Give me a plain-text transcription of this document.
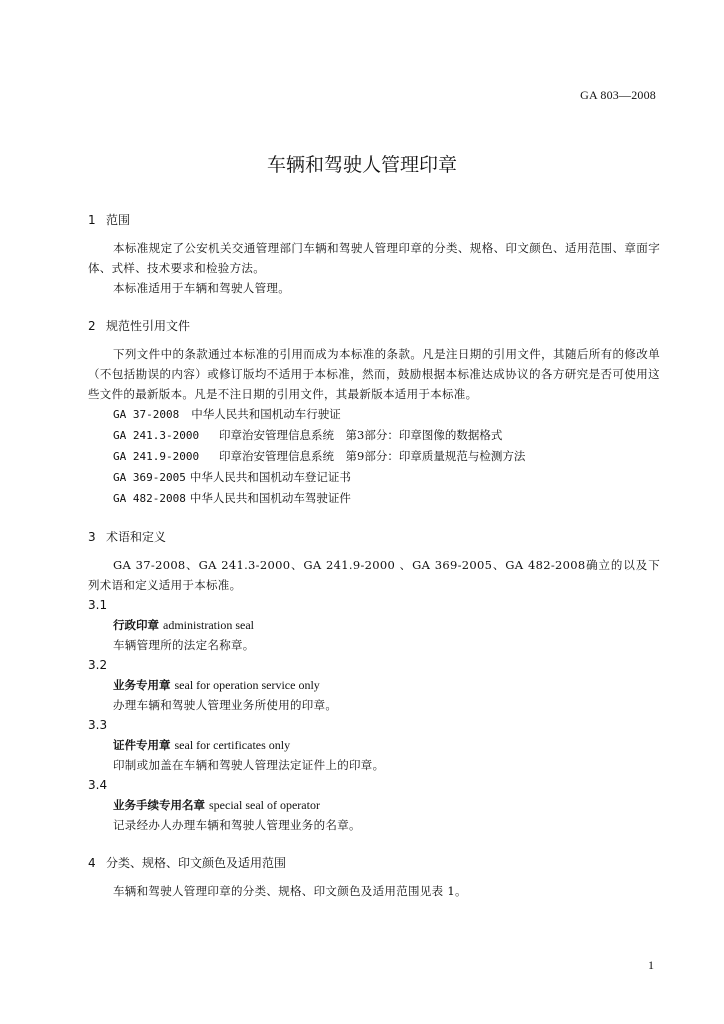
GA 803—2008
车辆和驾驶人管理印章
1 范围

本标准规定了公安机关交通管理部门车辆和驾驶人管理印章的分类、规格、印文颜色、适用范围、章面字体、式样、技术要求和检验方法。

本标准适用于车辆和驾驶人管理。

2 规范性引用文件

下列文件中的条款通过本标准的引用而成为本标准的条款。凡是注日期的引用文件，其随后所有的修改单（不包括勘误的内容）或修订版均不适用于本标准，然而，鼓励根据本标准达成协议的各方研究是否可使用这些文件的最新版本。凡是不注日期的引用文件，其最新版本适用于本标准。

GA 37-2008 中华人民共和国机动车行驶证
GA 241.3-2000 印章治安管理信息系统　第3部分：印章图像的数据格式
GA 241.9-2000 印章治安管理信息系统　第9部分：印章质量规范与检测方法
GA 369-2005 中华人民共和国机动车登记证书
GA 482-2008 中华人民共和国机动车驾驶证件
3 术语和定义

GA 37-2008、GA 241.3-2000、GA 241.9-2000 、GA 369-2005、GA 482-2008确立的以及下列术语和定义适用于本标准。

3.1
行政印章 administration seal
车辆管理所的法定名称章。
3.2
业务专用章 seal for operation service only
办理车辆和驾驶人管理业务所使用的印章。
3.3
证件专用章 seal for certificates only
印制或加盖在车辆和驾驶人管理法定证件上的印章。
3.4
业务手续专用名章 special seal of operator
记录经办人办理车辆和驾驶人管理业务的名章。
4 分类、规格、印文颜色及适用范围

车辆和驾驶人管理印章的分类、规格、印文颜色及适用范围见表 1。

1
